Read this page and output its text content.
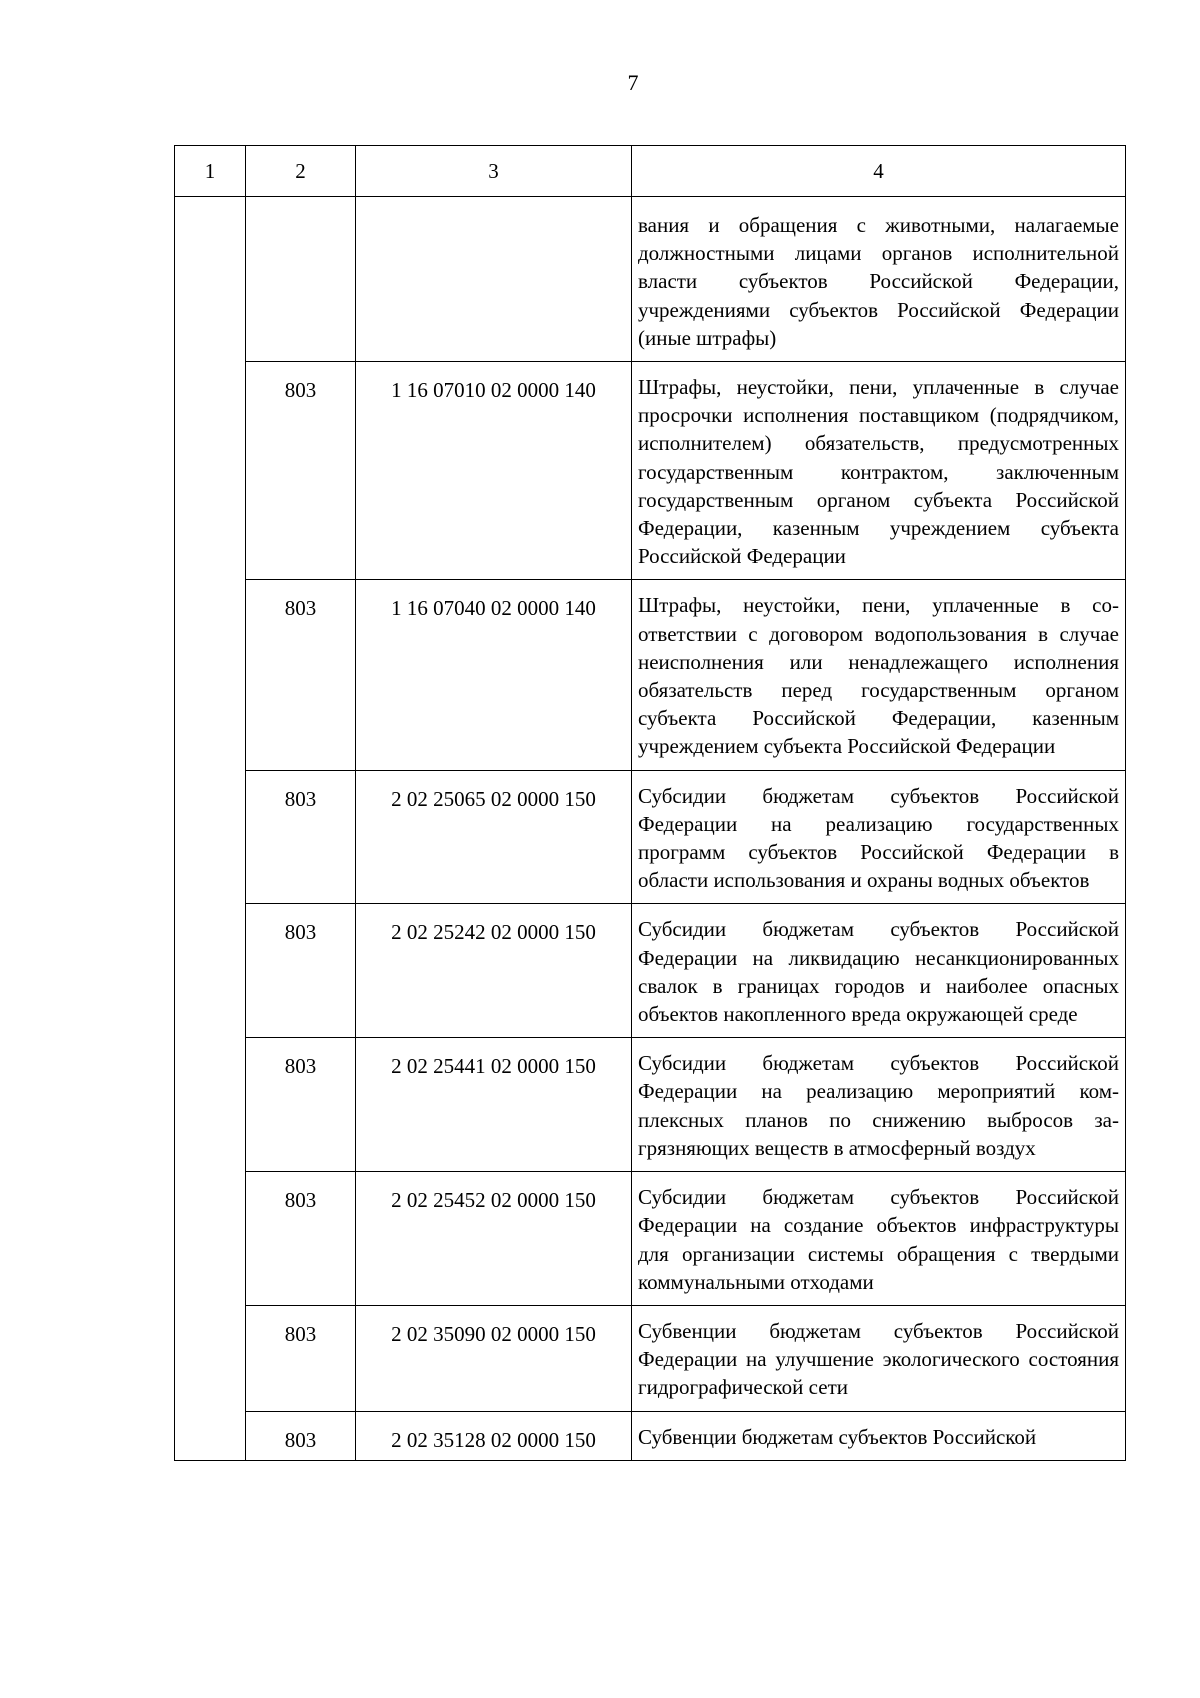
7
1	2	3	4
			вания и обращения с животными, налагаемые должностными лицами органов исполнительной власти субъектов Российской Федерации, учреждениями субъектов Российской Федерации (иные штрафы)
	803	1 16 07010 02 0000 140	Штрафы, неустойки, пени, уплаченные в случае просрочки исполнения поставщиком (подрядчиком, исполнителем) обязательств, предусмотренных государственным контрактом, заключенным государственным органом субъекта Российской Федерации, казенным учреждением субъекта Российской Федерации
	803	1 16 07040 02 0000 140	Штрафы, неустойки, пени, уплаченные в соответствии с договором водопользования в случае неисполнения или ненадлежащего исполнения обязательств перед государственным органом субъекта Российской Федерации, казенным учреждением субъекта Российской Федерации
	803	2 02 25065 02 0000 150	Субсидии бюджетам субъектов Российской Федерации на реализацию государственных программ субъектов Российской Федерации в области использования и охраны водных объектов
	803	2 02 25242 02 0000 150	Субсидии бюджетам субъектов Российской Федерации на ликвидацию несанкционированных свалок в границах городов и наиболее опасных объектов накопленного вреда окружающей среде
	803	2 02 25441 02 0000 150	Субсидии бюджетам субъектов Российской Федерации на реализацию мероприятий комплексных планов по снижению выбросов загрязняющих веществ в атмосферный воздух
	803	2 02 25452 02 0000 150	Субсидии бюджетам субъектов Российской Федерации на создание объектов инфраструктуры для организации системы обращения с твердыми коммунальными отходами
	803	2 02 35090 02 0000 150	Субвенции бюджетам субъектов Российской Федерации на улучшение экологического состояния гидрографической сети
	803	2 02 35128 02 0000 150	Субвенции бюджетам субъектов Российской
